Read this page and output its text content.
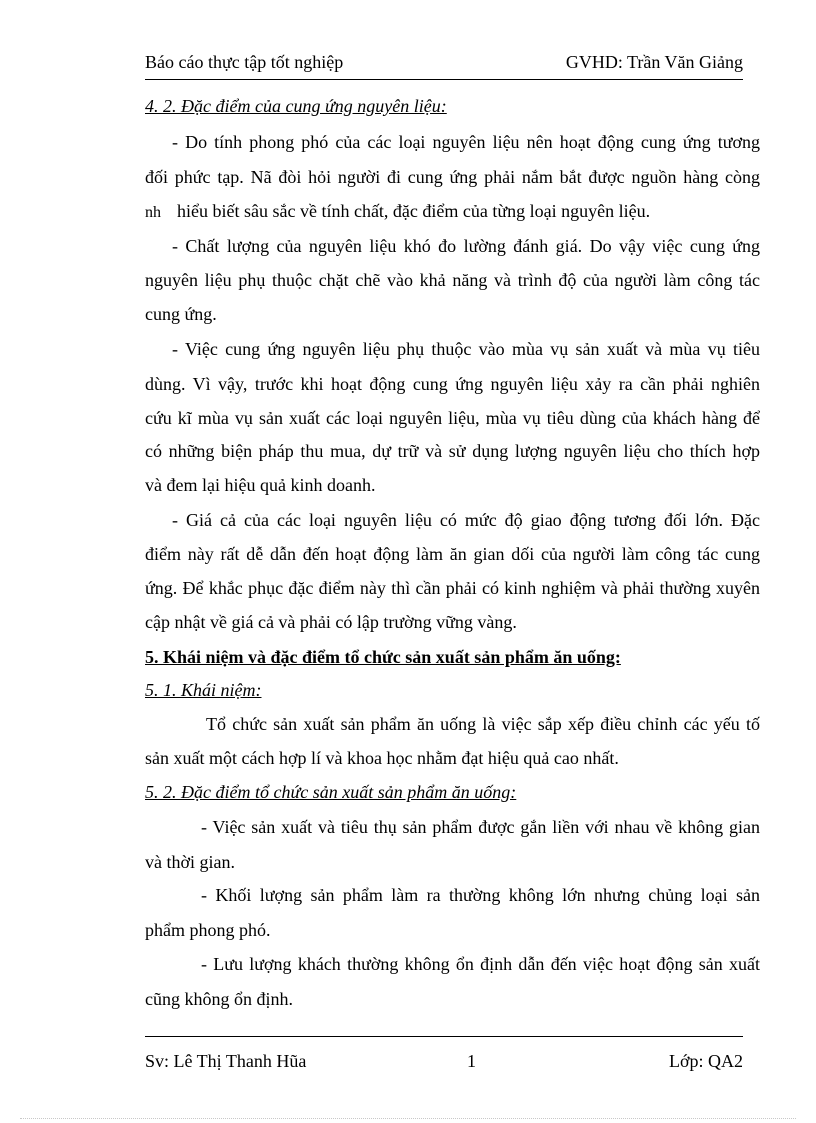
Báo cáo thực tập tốt nghiệp	GVHD: Trần Văn Giảng
4. 2. Đặc điểm của cung ứng nguyên liệu:
- Do tính phong phó của các loại nguyên liệu nên hoạt động cung ứng tương
đối phức tạp. Nã đòi hỏi người đi cung ứng phải nắm bắt được nguồn hàng còng
nh hiểu biết sâu sắc về tính chất, đặc điểm của từng loại nguyên liệu.
- Chất lượng của nguyên liệu khó đo lường đánh giá. Do vậy việc cung ứng
nguyên liệu phụ thuộc chặt chẽ vào khả năng và trình độ của người làm công tác
cung ứng.
- Việc cung ứng nguyên liệu phụ thuộc vào mùa vụ sản xuất và mùa vụ tiêu
dùng. Vì vậy, trước khi hoạt động cung ứng nguyên liệu xảy ra cần phải nghiên
cứu kĩ mùa vụ sản xuất các loại nguyên liệu, mùa vụ tiêu dùng của khách hàng để
có những biện pháp thu mua, dự trữ và sử dụng lượng nguyên liệu cho thích hợp
và đem lại hiệu quả kinh doanh.
- Giá cả của các loại nguyên liệu có mức độ giao động tương đối lớn. Đặc
điểm này rất dễ dẫn đến hoạt động làm ăn gian dối của người làm công tác cung
ứng. Để khắc phục đặc điểm này thì cần phải có kinh nghiệm và phải thường xuyên
cập nhật về giá cả và phải có lập trường vững vàng.
5. Khái niệm và đặc điểm tổ chức sản xuất sản phẩm ăn uống:
5. 1. Khái niệm:
Tổ chức sản xuất sản phẩm ăn uống là việc sắp xếp điều chỉnh các yếu tố
sản xuất một cách hợp lí và khoa học nhằm đạt hiệu quả cao nhất.
5. 2. Đặc điểm tổ chức sản xuất sản phẩm ăn uống:
- Việc sản xuất và tiêu thụ sản phẩm được gắn liền với nhau về không gian
và thời gian.
- Khối lượng sản phẩm làm ra thường không lớn nhưng chủng loại sản
phẩm phong phó.
- Lưu lượng khách thường không ổn định dẫn đến việc hoạt động sản xuất
cũng không ổn định.
Sv: Lê Thị Thanh Hũa	1	Lớp: QA2
